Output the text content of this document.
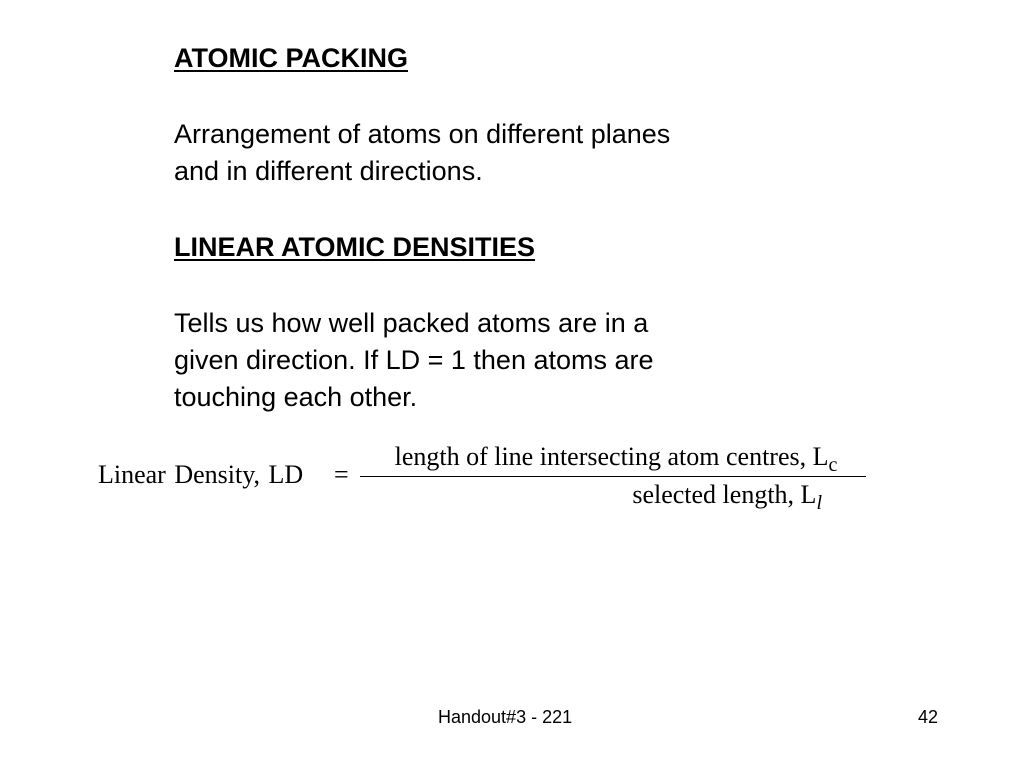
ATOMIC PACKING
Arrangement of atoms on different planes
and in different directions.
LINEAR ATOMIC DENSITIES
Tells us how well packed atoms are in a
given direction. If LD = 1 then atoms are
touching each other.
Linear Density, LD =
length of line intersecting atom centres, $L_c$
selected length, $L_l$
Handout#3 - 221	42
